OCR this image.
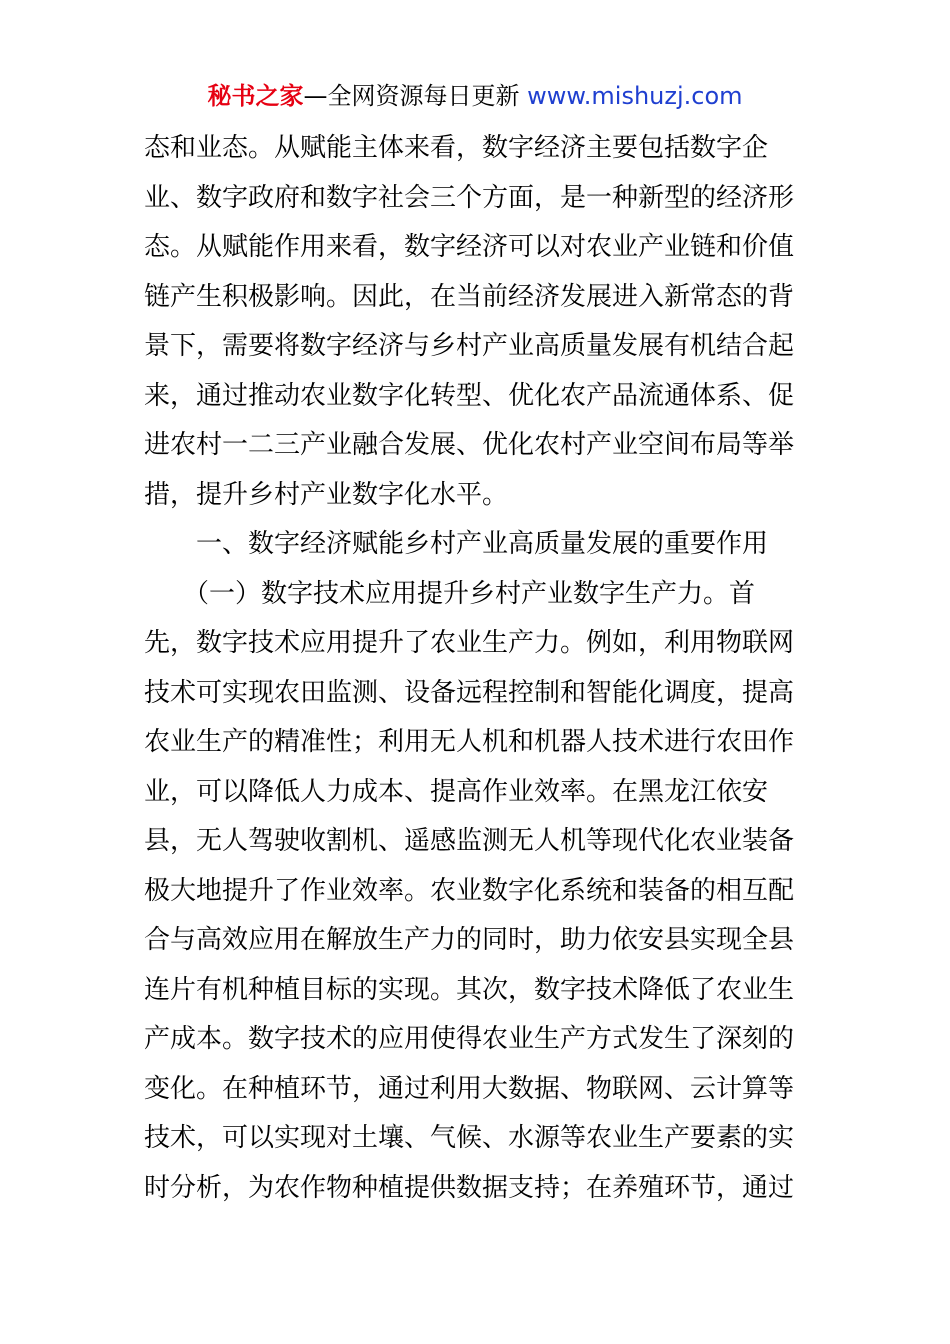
秘书之家—全网资源每日更新 www.mishuzj.com
态和业态。从赋能主体来看，数字经济主要包括数字企
业、数字政府和数字社会三个方面，是一种新型的经济形
态。从赋能作用来看，数字经济可以对农业产业链和价值
链产生积极影响。因此，在当前经济发展进入新常态的背
景下，需要将数字经济与乡村产业高质量发展有机结合起
来，通过推动农业数字化转型、优化农产品流通体系、促
进农村一二三产业融合发展、优化农村产业空间布局等举
措，提升乡村产业数字化水平。
　　一、数字经济赋能乡村产业高质量发展的重要作用
　　（一）数字技术应用提升乡村产业数字生产力。首
先，数字技术应用提升了农业生产力。例如，利用物联网
技术可实现农田监测、设备远程控制和智能化调度，提高
农业生产的精准性；利用无人机和机器人技术进行农田作
业，可以降低人力成本、提高作业效率。在黑龙江依安
县，无人驾驶收割机、遥感监测无人机等现代化农业装备
极大地提升了作业效率。农业数字化系统和装备的相互配
合与高效应用在解放生产力的同时，助力依安县实现全县
连片有机种植目标的实现。其次，数字技术降低了农业生
产成本。数字技术的应用使得农业生产方式发生了深刻的
变化。在种植环节，通过利用大数据、物联网、云计算等
技术，可以实现对土壤、气候、水源等农业生产要素的实
时分析，为农作物种植提供数据支持；在养殖环节，通过
